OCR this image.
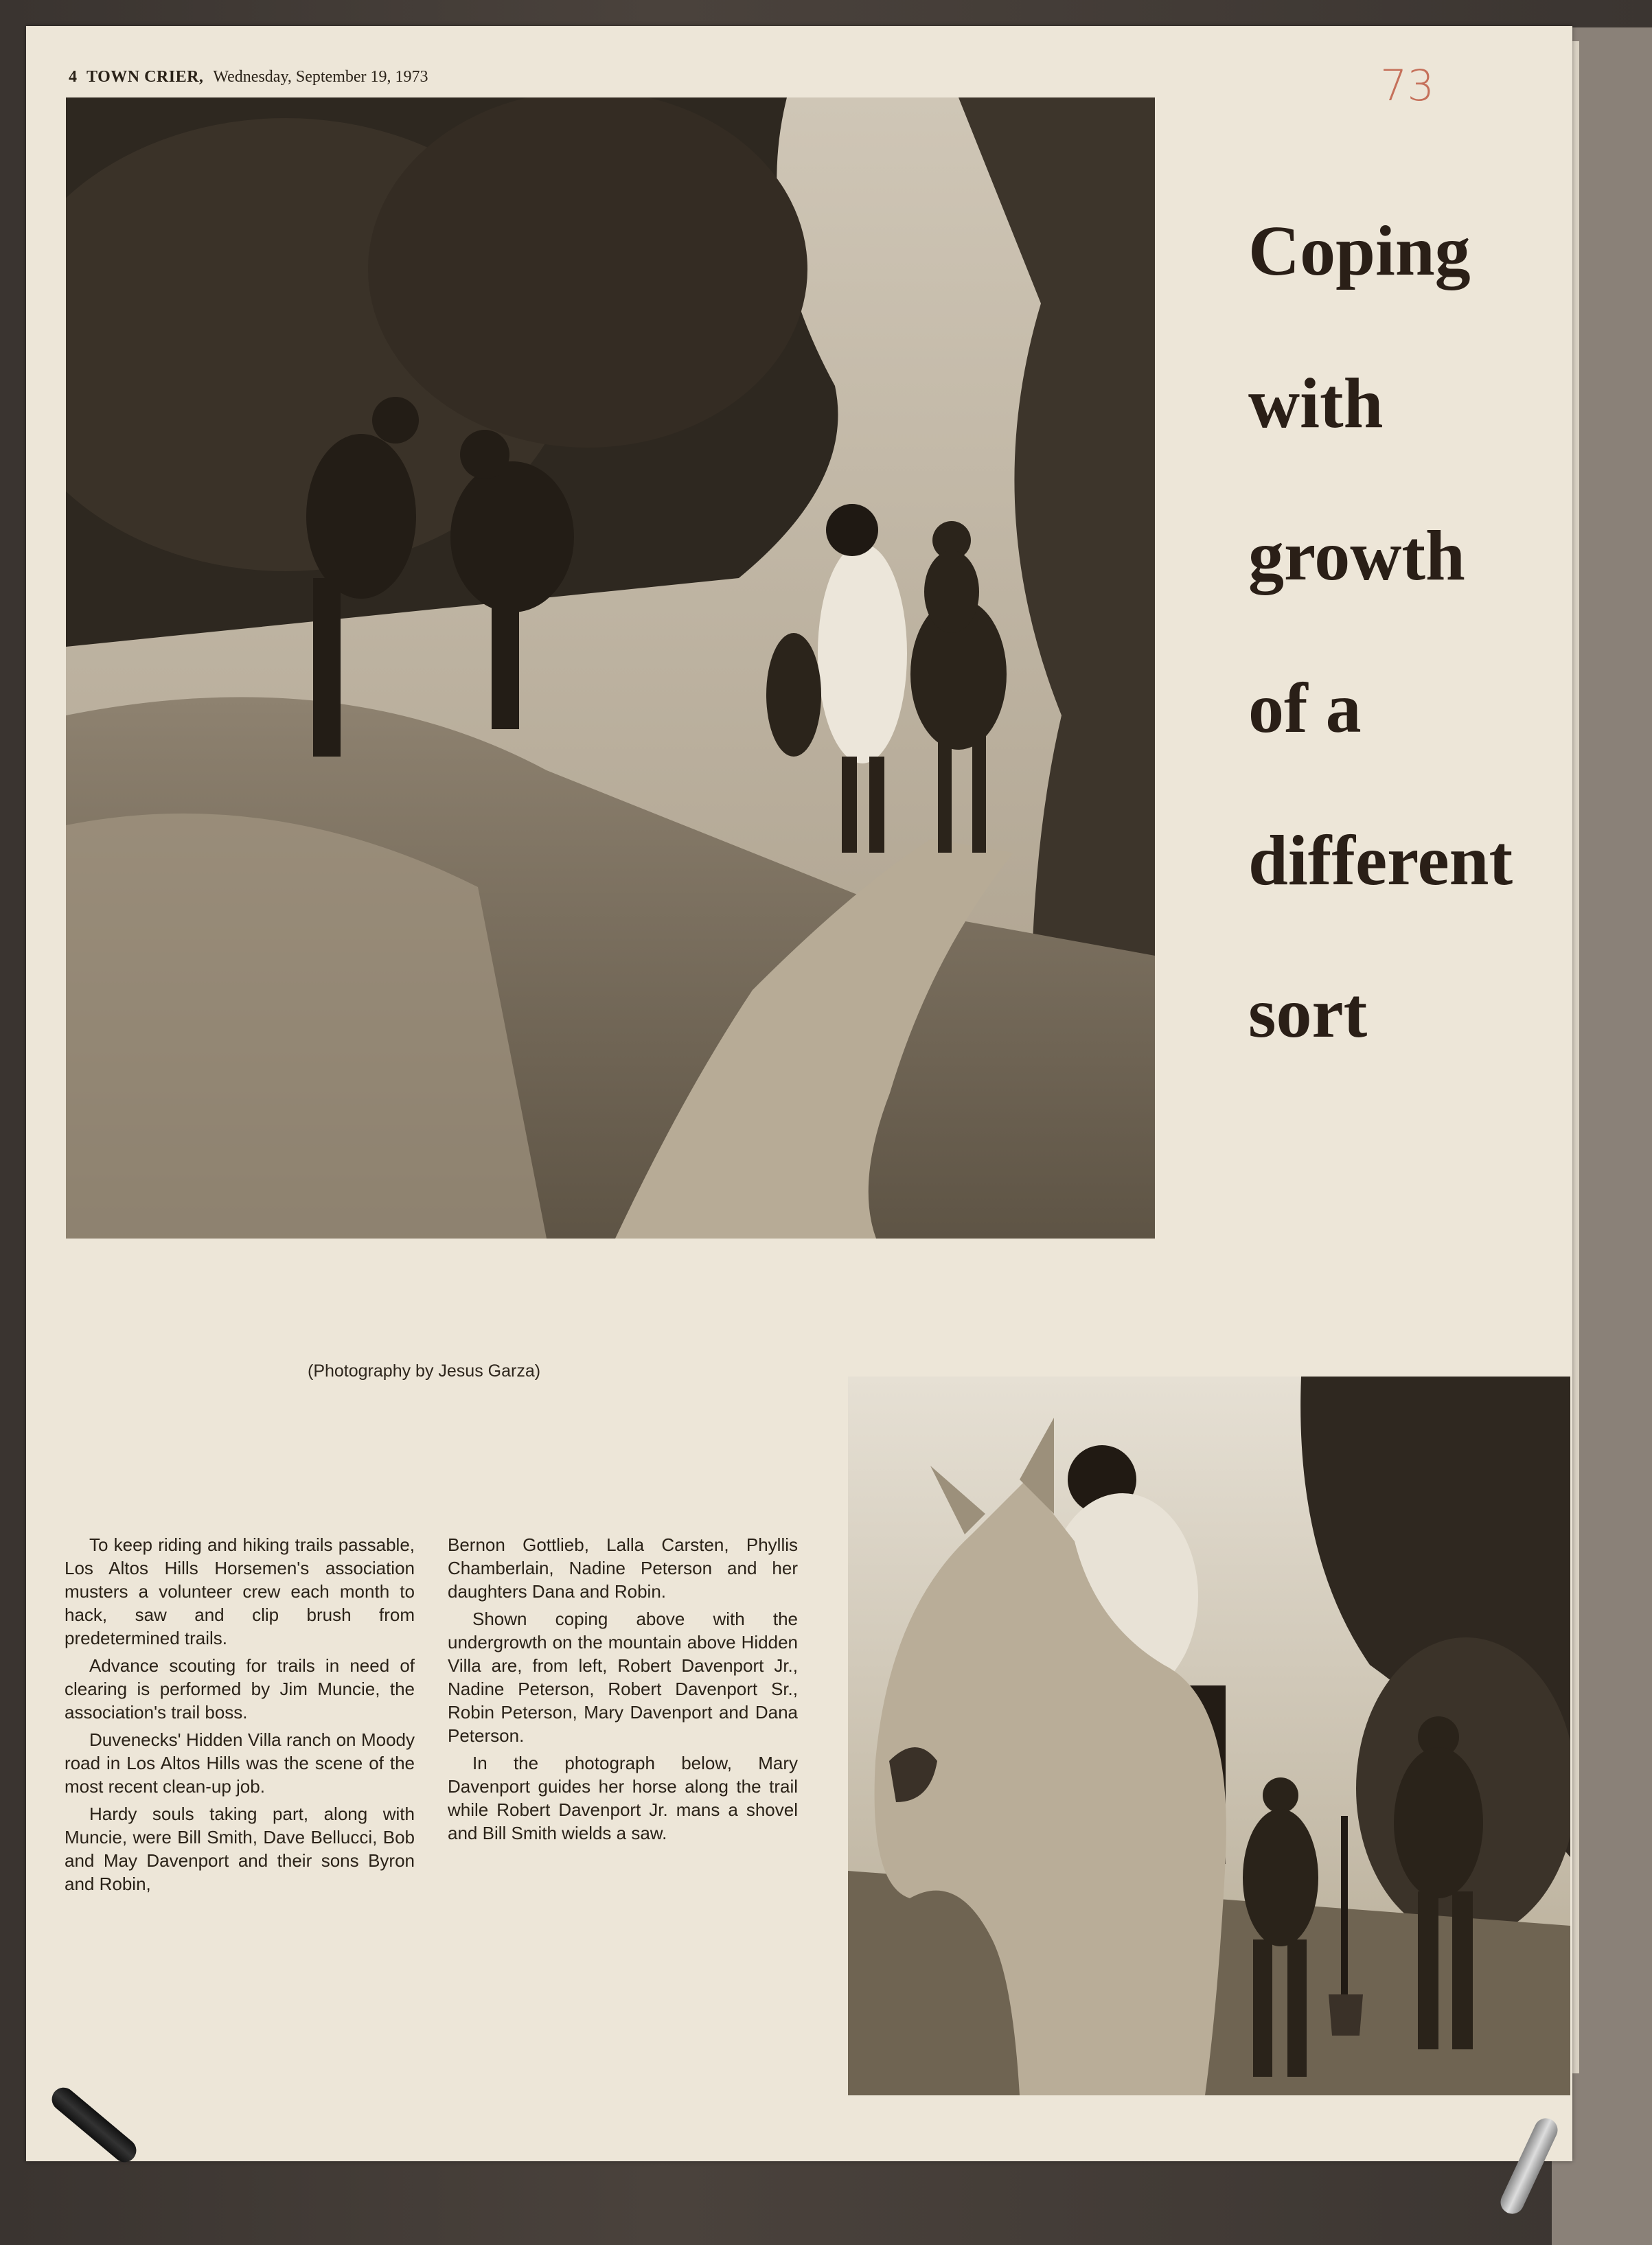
4 TOWN CRIER, Wednesday, September 19, 1973	73
Coping
with
growth
of a
different
sort
(Photography by Jesus Garza)

To keep riding and hiking trails passable, Los Altos Hills Horsemen's association musters a volunteer crew each month to hack, saw and clip brush from predetermined trails.

Advance scouting for trails in need of clearing is performed by Jim Muncie, the association's trail boss.

Duvenecks' Hidden Villa ranch on Moody road in Los Altos Hills was the scene of the most recent clean-up job.

Hardy souls taking part, along with Muncie, were Bill Smith, Dave Bellucci, Bob and May Davenport and their sons Byron and Robin,

Bernon Gottlieb, Lalla Carsten, Phyllis Chamberlain, Nadine Peterson and her daughters Dana and Robin.

Shown coping above with the undergrowth on the mountain above Hidden Villa are, from left, Robert Davenport Jr., Nadine Peterson, Robert Davenport Sr., Robin Peterson, Mary Davenport and Dana Peterson.

In the photograph below, Mary Davenport guides her horse along the trail while Robert Davenport Jr. mans a shovel and Bill Smith wields a saw.
